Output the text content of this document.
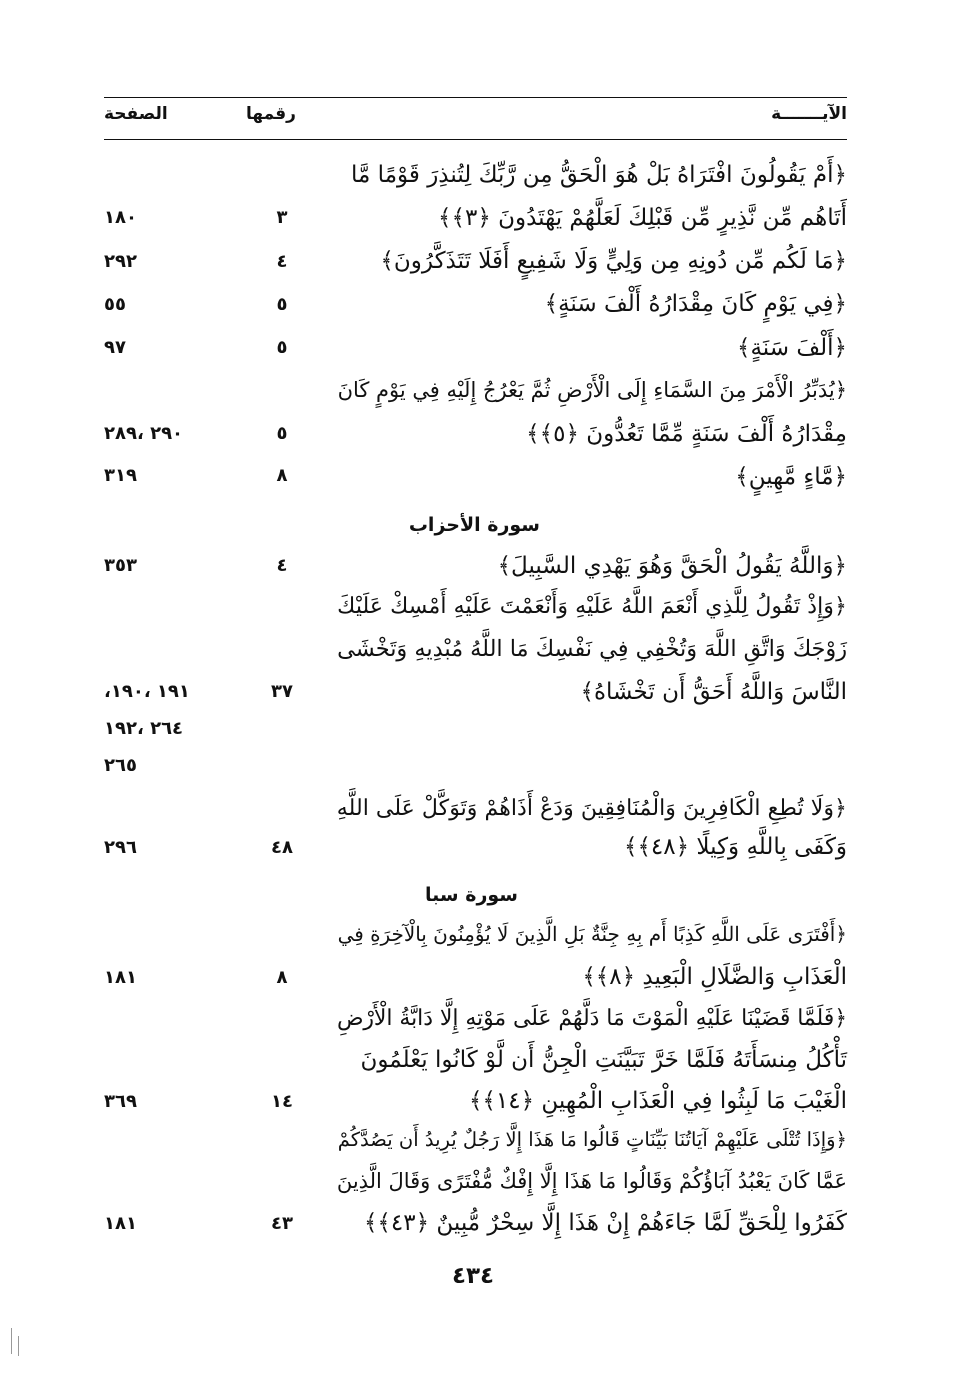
الآيـــــــة
رقمها
الصفحة
﴿أَمْ يَقُولُونَ افْتَرَاهُ بَلْ هُوَ الْحَقُّ مِن رَّبِّكَ لِتُنذِرَ قَوْمًا مَّا
أَتَاهُم مِّن نَّذِيرٍ مِّن قَبْلِكَ لَعَلَّهُمْ يَهْتَدُونَ ﴿٣﴾﴾
٣
١٨٠
﴿مَا لَكُم مِّن دُونِهِ مِن وَلِيٍّ وَلَا شَفِيعٍ أَفَلَا تَتَذَكَّرُونَ﴾
٤
٢٩٢
﴿فِي يَوْمٍ كَانَ مِقْدَارُهُ أَلْفَ سَنَةٍ﴾
٥
٥٥
﴿أَلْفَ سَنَةٍ﴾
٥
٩٧
﴿يُدَبِّرُ الْأَمْرَ مِنَ السَّمَاءِ إِلَى الْأَرْضِ ثُمَّ يَعْرُجُ إِلَيْهِ فِي يَوْمٍ كَانَ
مِقْدَارُهُ أَلْفَ سَنَةٍ مِّمَّا تَعُدُّونَ ﴿٥﴾﴾
٥
٢٩٠ ،٢٨٩
﴿مَّاءٍ مَّهِينٍ﴾
٨
٣١٩
سورة الأحزاب
﴿وَاللَّهُ يَقُولُ الْحَقَّ وَهُوَ يَهْدِي السَّبِيلَ﴾
٤
٣٥٣
﴿وَإِذْ تَقُولُ لِلَّذِي أَنْعَمَ اللَّهُ عَلَيْهِ وَأَنْعَمْتَ عَلَيْهِ أَمْسِكْ عَلَيْكَ
زَوْجَكَ وَاتَّقِ اللَّهَ وَتُخْفِي فِي نَفْسِكَ مَا اللَّهُ مُبْدِيهِ وَتَخْشَى
النَّاسَ وَاللَّهُ أَحَقُّ أَن تَخْشَاهُ﴾
٣٧
١٩١ ،١٩٠،
٢٦٤ ،١٩٢
٢٦٥
﴿وَلَا تُطِعِ الْكَافِرِينَ وَالْمُنَافِقِينَ وَدَعْ أَذَاهُمْ وَتَوَكَّلْ عَلَى اللَّهِ
وَكَفَى بِاللَّهِ وَكِيلًا ﴿٤٨﴾﴾
٤٨
٢٩٦
سورة سبا
﴿أَفْتَرَى عَلَى اللَّهِ كَذِبًا أَم بِهِ جِنَّةٌ بَلِ الَّذِينَ لَا يُؤْمِنُونَ بِالْآخِرَةِ فِي
الْعَذَابِ وَالضَّلَالِ الْبَعِيدِ ﴿٨﴾﴾
٨
١٨١
﴿فَلَمَّا قَضَيْنَا عَلَيْهِ الْمَوْتَ مَا دَلَّهُمْ عَلَى مَوْتِهِ إِلَّا دَابَّةُ الْأَرْضِ
تَأْكُلُ مِنسَأَتَهُ فَلَمَّا خَرَّ تَبَيَّنَتِ الْجِنُّ أَن لَّوْ كَانُوا يَعْلَمُونَ
الْغَيْبَ مَا لَبِثُوا فِي الْعَذَابِ الْمُهِينِ ﴿١٤﴾﴾
١٤
٣٦٩
﴿وَإِذَا تُتْلَى عَلَيْهِمْ آيَاتُنَا بَيِّنَاتٍ قَالُوا مَا هَذَا إِلَّا رَجُلٌ يُرِيدُ أَن يَصُدَّكُمْ
عَمَّا كَانَ يَعْبُدُ آبَاؤُكُمْ وَقَالُوا مَا هَذَا إِلَّا إِفْكٌ مُّفْتَرًى وَقَالَ الَّذِينَ
كَفَرُوا لِلْحَقِّ لَمَّا جَاءَهُمْ إِنْ هَذَا إِلَّا سِحْرٌ مُّبِينٌ ﴿٤٣﴾﴾
٤٣
١٨١
٤٣٤
